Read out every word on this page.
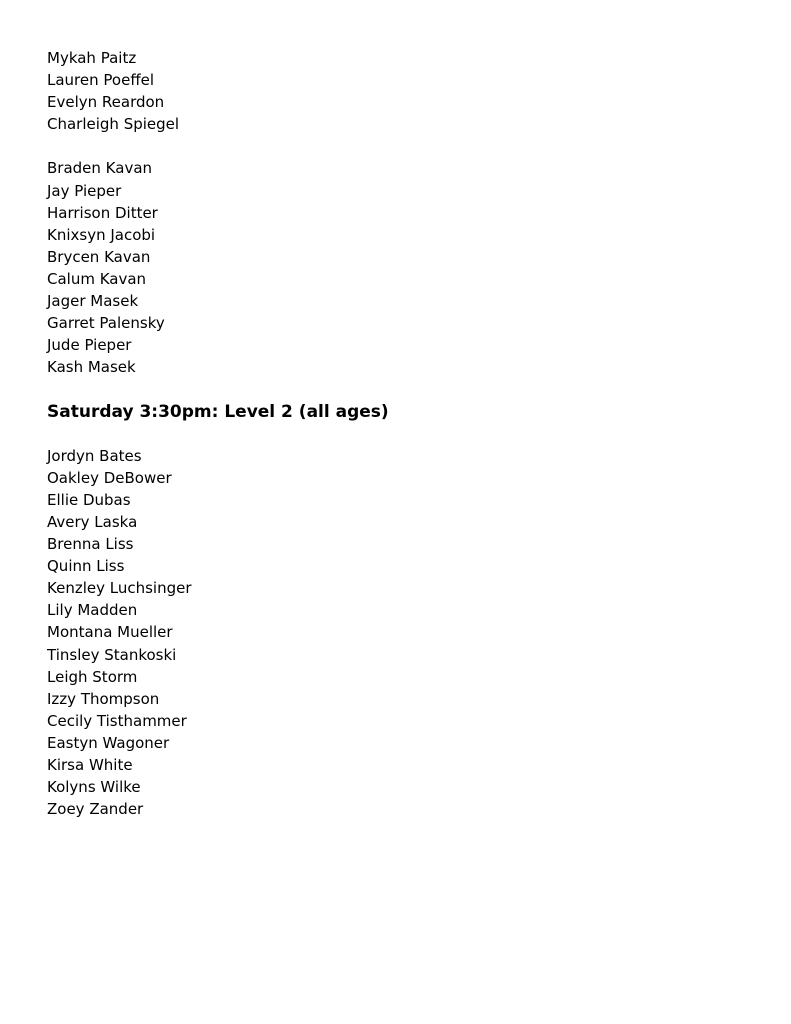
Mykah Paitz
Lauren Poeffel
Evelyn Reardon
Charleigh Spiegel
Braden Kavan
Jay Pieper
Harrison Ditter
Knixsyn Jacobi
Brycen Kavan
Calum Kavan
Jager Masek
Garret Palensky
Jude Pieper
Kash Masek
Saturday 3:30pm: Level 2 (all ages)
Jordyn Bates
Oakley DeBower
Ellie Dubas
Avery Laska
Brenna Liss
Quinn Liss
Kenzley Luchsinger
Lily Madden
Montana Mueller
Tinsley Stankoski
Leigh Storm
Izzy Thompson
Cecily Tisthammer
Eastyn Wagoner
Kirsa White
Kolyns Wilke
Zoey Zander
